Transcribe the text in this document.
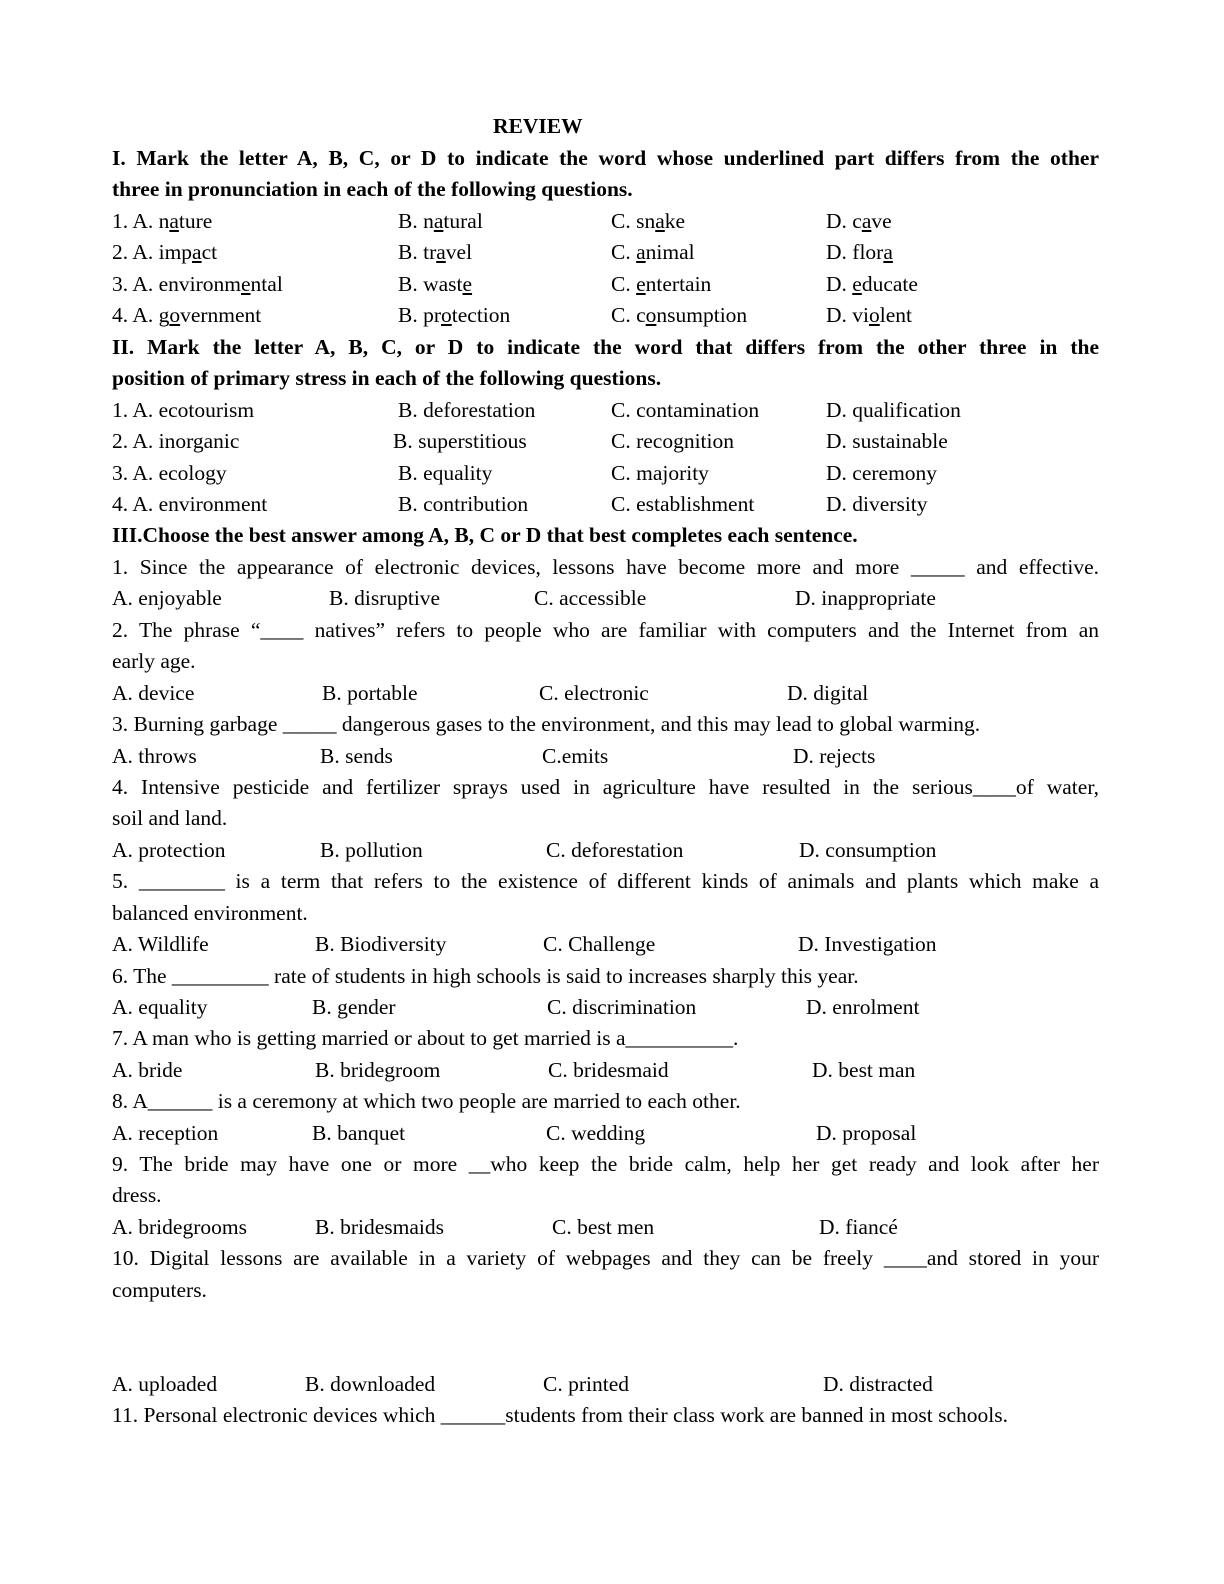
REVIEW
I. Mark the letter A, B, C, or D to indicate the word whose underlined part differs from the other
three in pronunciation in each of the following questions.
1. A. nature	B. natural	C. snake	D. cave
2. A. impact	B. travel	C. animal	D. flora
3. A. environmental	B. waste	C. entertain	D. educate
4. A. government	B. protection	C. consumption	D. violent
II. Mark the letter A, B, C, or D to indicate the word that differs from the other three in the
position of primary stress in each of the following questions.
1. A. ecotourism	B. deforestation	C. contamination	D. qualification
2. A. inorganic	B. superstitious	C. recognition	D. sustainable
3. A. ecology	B. equality	C. majority	D. ceremony
4. A. environment	B. contribution	C. establishment	D. diversity
III.Choose the best answer among A, B, C or D that best completes each sentence.
1. Since the appearance of electronic devices, lessons have become more and more _____ and effective.
A. enjoyable	B. disruptive	C. accessible	D. inappropriate
2. The phrase “____ natives” refers to people who are familiar with computers and the Internet from an
early age.
A. device	B. portable	C. electronic	D. digital
3. Burning garbage _____ dangerous gases to the environment, and this may lead to global warming.
A. throws	B. sends	C.emits	D. rejects
4. Intensive pesticide and fertilizer sprays used in agriculture have resulted in the serious____of water,
soil and land.
A. protection	B. pollution	C. deforestation	D. consumption
5. ________ is a term that refers to the existence of different kinds of animals and plants which make a
balanced environment.
A. Wildlife	B. Biodiversity	C. Challenge	D. Investigation
6. The _________ rate of students in high schools is said to increases sharply this year.
A. equality	B. gender	C. discrimination	D. enrolment
7. A man who is getting married or about to get married is a__________.
A. bride	B. bridegroom	C. bridesmaid	D. best man
8. A______ is a ceremony at which two people are married to each other.
A. reception	B. banquet	C. wedding	D. proposal
9. The bride may have one or more __who keep the bride calm, help her get ready and look after her
dress.
A. bridegrooms	B. bridesmaids	C. best men	D. fiancé
10. Digital lessons are available in a variety of webpages and they can be freely ____and stored in your
computers.
A. uploaded	B. downloaded	C. printed	D. distracted
11. Personal electronic devices which ______students from their class work are banned in most schools.
